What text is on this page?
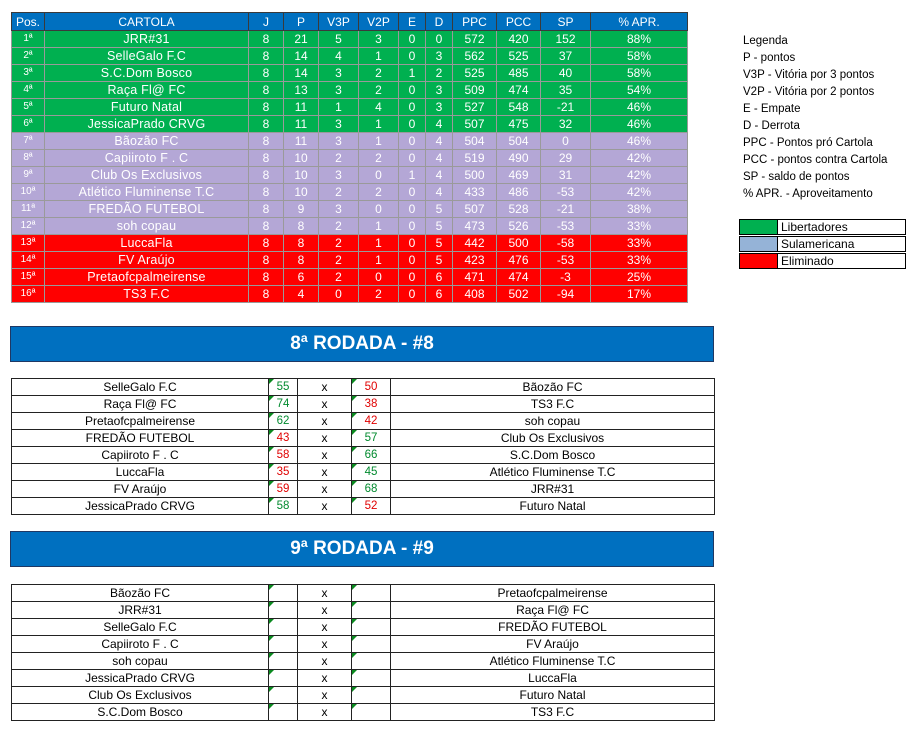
Pos.	CARTOLA	J	P	V3P	V2P	E	D	PPC	PCC	SP	% APR.
1ª	JRR#31	8	21	5	3	0	0	572	420	152	88%
2ª	SelleGalo F.C	8	14	4	1	0	3	562	525	37	58%
3ª	S.C.Dom Bosco	8	14	3	2	1	2	525	485	40	58%
4ª	Raça Fl@ FC	8	13	3	2	0	3	509	474	35	54%
5ª	Futuro Natal	8	11	1	4	0	3	527	548	-21	46%
6ª	JessicaPrado CRVG	8	11	3	1	0	4	507	475	32	46%
7ª	Bãozão FC	8	11	3	1	0	4	504	504	0	46%
8ª	Capiiroto F . C	8	10	2	2	0	4	519	490	29	42%
9ª	Club Os Exclusivos	8	10	3	0	1	4	500	469	31	42%
10ª	Atlético Fluminense T.C	8	10	2	2	0	4	433	486	-53	42%
11ª	FREDÃO FUTEBOL	8	9	3	0	0	5	507	528	-21	38%
12ª	soh copau	8	8	2	1	0	5	473	526	-53	33%
13ª	LuccaFla	8	8	2	1	0	5	442	500	-58	33%
14ª	FV Araújo	8	8	2	1	0	5	423	476	-53	33%
15ª	Pretaofcpalmeirense	8	6	2	0	0	6	471	474	-3	25%
16ª	TS3 F.C	8	4	0	2	0	6	408	502	-94	17%
Legenda
P - pontos
V3P - Vitória por 3 pontos
V2P - Vitória por 2 pontos
E - Empate
D - Derrota
PPC - Pontos pró Cartola
PCC - pontos contra Cartola
SP - saldo de pontos
% APR. - Aproveitamento
Libertadores
Sulamericana
Eliminado
8ª RODADA - #8
SelleGalo F.C	55	x	50	Bãozão FC
Raça Fl@ FC	74	x	38	TS3 F.C
Pretaofcpalmeirense	62	x	42	soh copau
FREDÃO FUTEBOL	43	x	57	Club Os Exclusivos
Capiiroto F . C	58	x	66	S.C.Dom Bosco
LuccaFla	35	x	45	Atlético Fluminense T.C
FV Araújo	59	x	68	JRR#31
JessicaPrado CRVG	58	x	52	Futuro Natal
9ª RODADA - #9
Bãozão FC		x		Pretaofcpalmeirense
JRR#31		x		Raça Fl@ FC
SelleGalo F.C		x		FREDÃO FUTEBOL
Capiiroto F . C		x		FV Araújo
soh copau		x		Atlético Fluminense T.C
JessicaPrado CRVG		x		LuccaFla
Club Os Exclusivos		x		Futuro Natal
S.C.Dom Bosco		x		TS3 F.C
